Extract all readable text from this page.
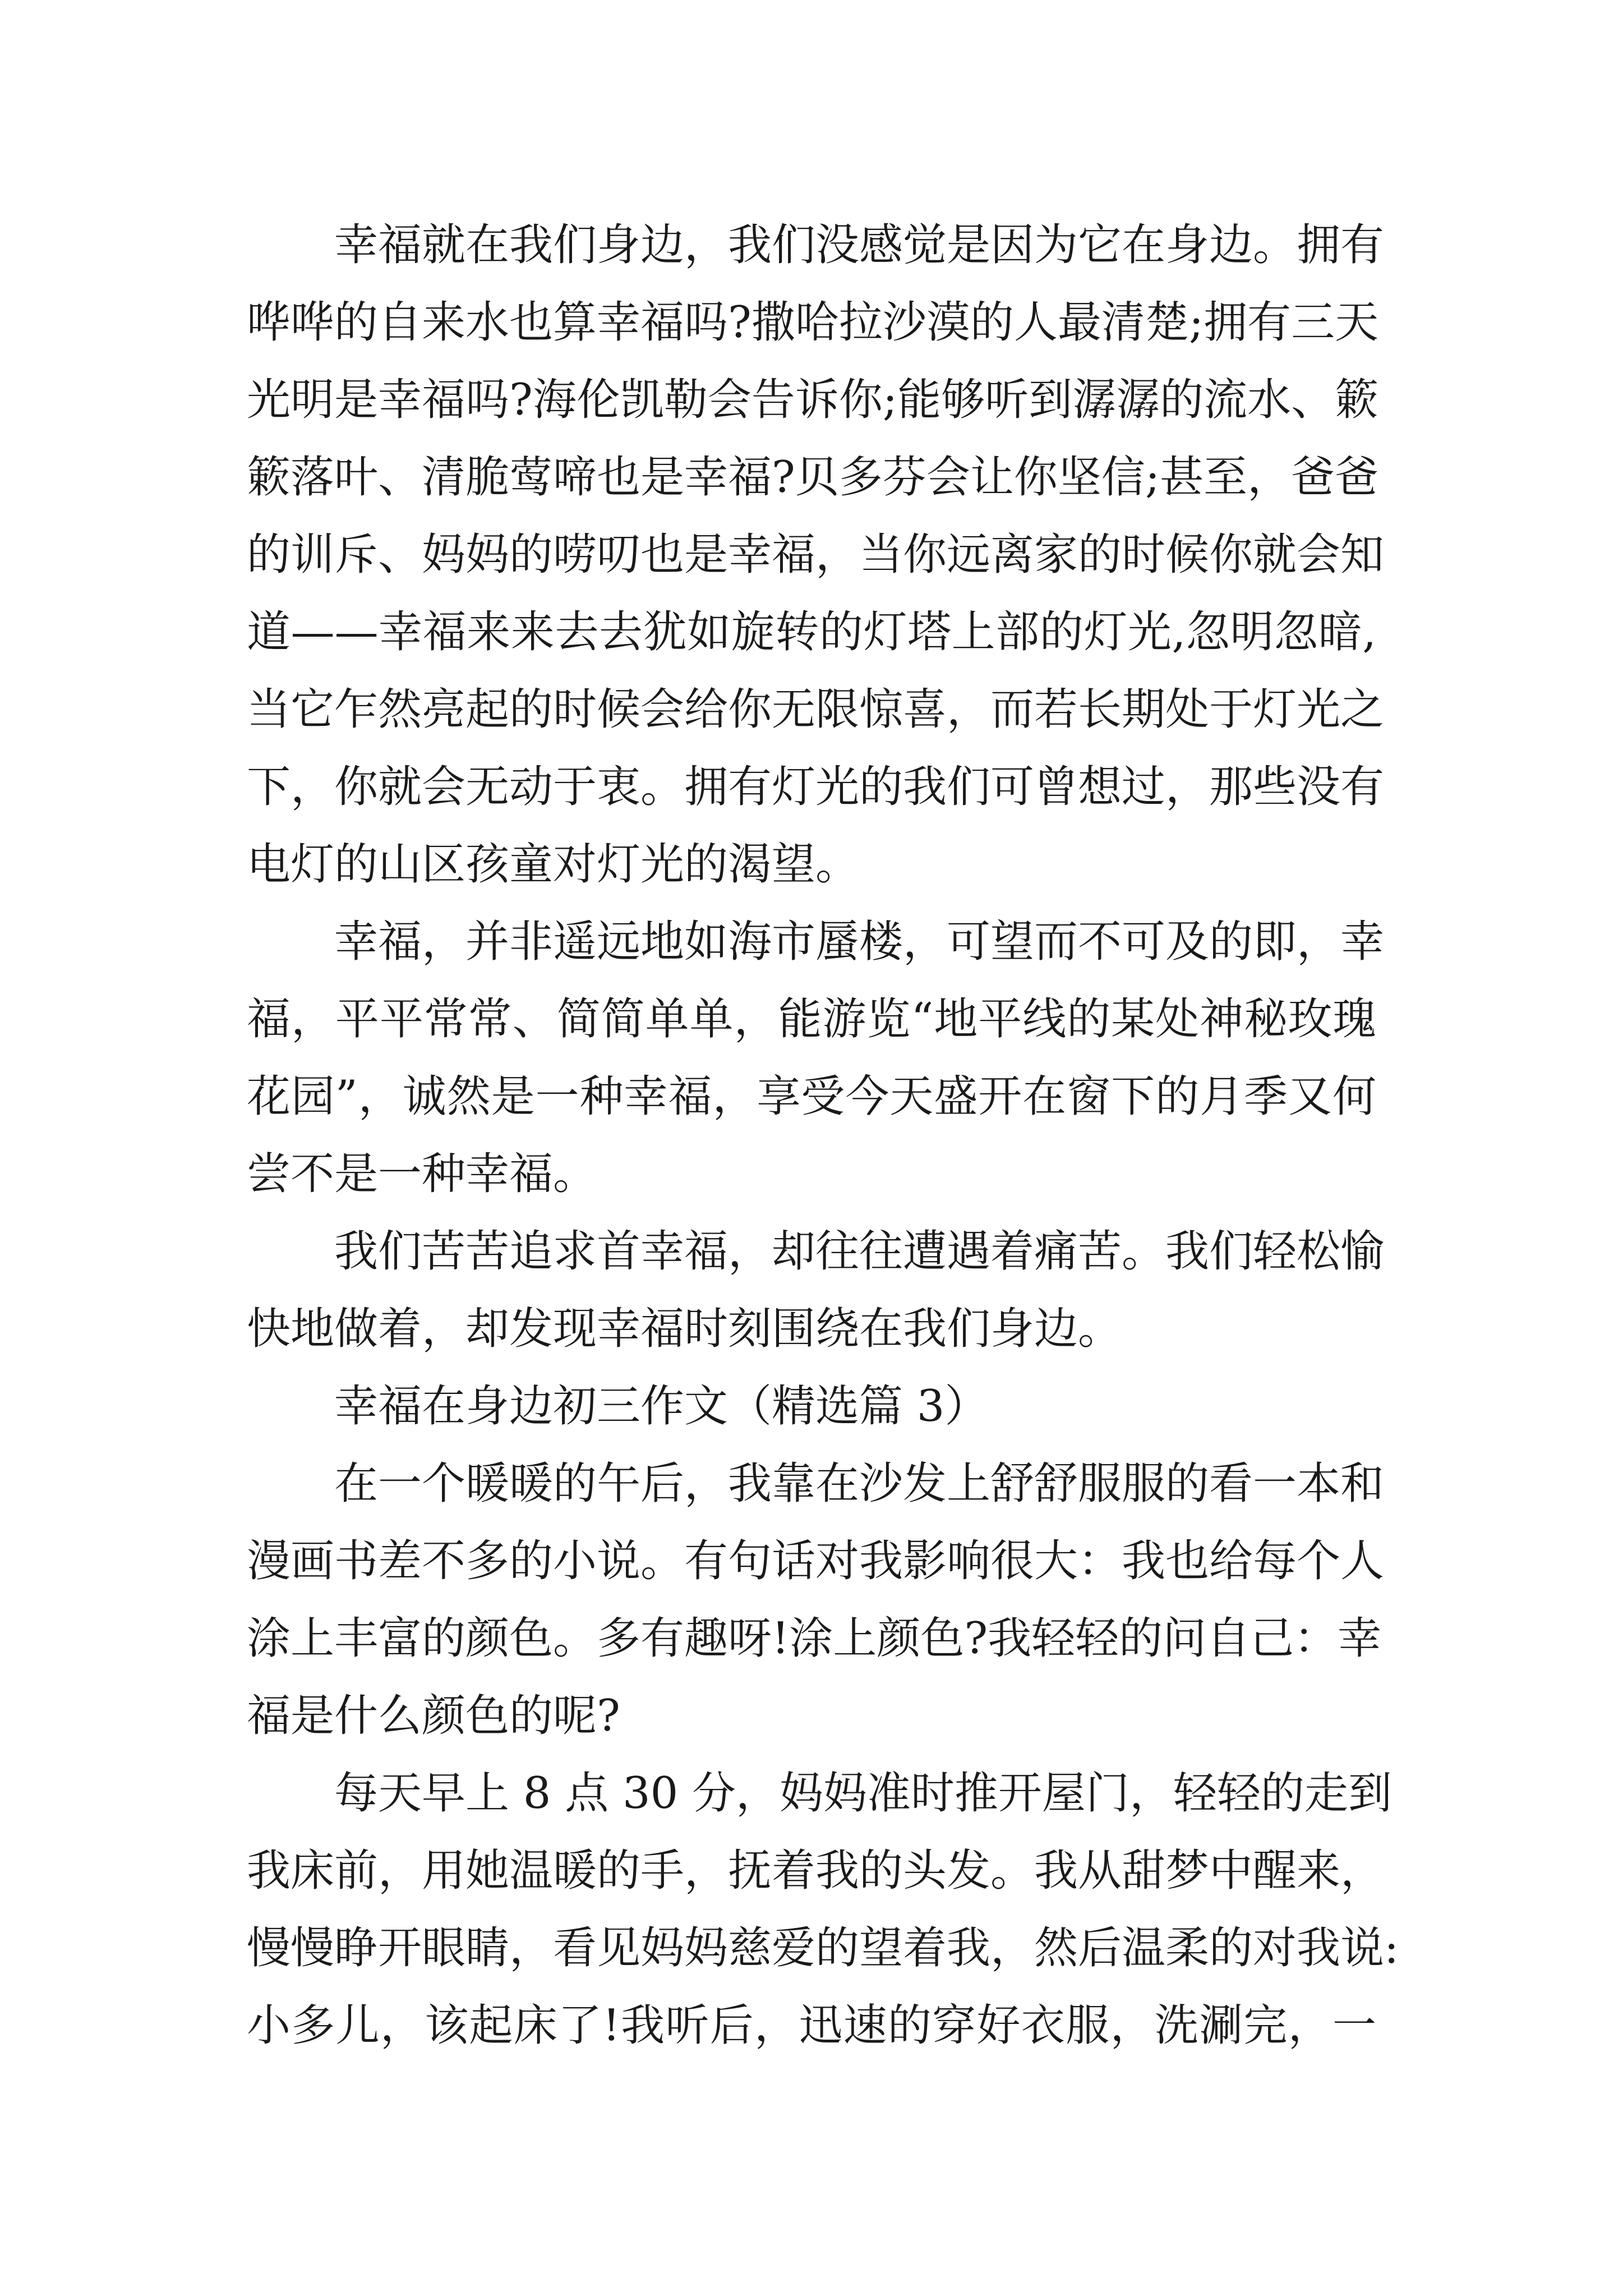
幸福就在我们身边，我们没感觉是因为它在身边。拥有
哗哗的自来水也算幸福吗?撒哈拉沙漠的人最清楚;拥有三天
光明是幸福吗?海伦凯勒会告诉你;能够听到潺潺的流水、簌
簌落叶、清脆莺啼也是幸福?贝多芬会让你坚信;甚至，爸爸
的训斥、妈妈的唠叨也是幸福，当你远离家的时候你就会知
道——幸福来来去去犹如旋转的灯塔上部的灯光,忽明忽暗,
当它乍然亮起的时候会给你无限惊喜，而若长期处于灯光之
下，你就会无动于衷。拥有灯光的我们可曾想过，那些没有
电灯的山区孩童对灯光的渴望。
幸福，并非遥远地如海市蜃楼，可望而不可及的即，幸
福，平平常常、简简单单，能游览“地平线的某处神秘玫瑰
花园”，诚然是一种幸福，享受今天盛开在窗下的月季又何
尝不是一种幸福。
我们苦苦追求首幸福，却往往遭遇着痛苦。我们轻松愉
快地做着，却发现幸福时刻围绕在我们身边。
幸福在身边初三作文（精选篇 3）
在一个暖暖的午后，我靠在沙发上舒舒服服的看一本和
漫画书差不多的小说。有句话对我影响很大：我也给每个人
涂上丰富的颜色。多有趣呀!涂上颜色?我轻轻的问自己：幸
福是什么颜色的呢?
每天早上 8 点 30 分，妈妈准时推开屋门，轻轻的走到
我床前，用她温暖的手，抚着我的头发。我从甜梦中醒来，
慢慢睁开眼睛，看见妈妈慈爱的望着我，然后温柔的对我说:
小多儿，该起床了!我听后，迅速的穿好衣服，洗涮完，一
